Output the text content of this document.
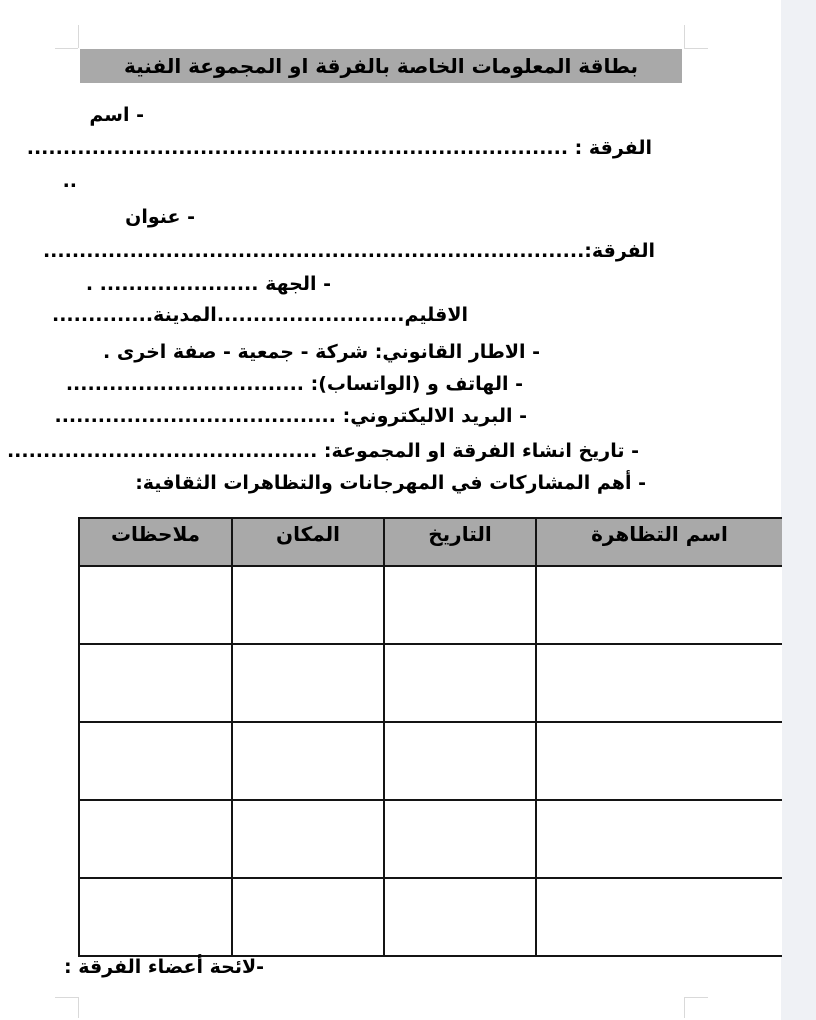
بطاقة المعلومات الخاصة بالفرقة او المجموعة الفنية
- اسم
الفرقة : ...........................................................................
..
- عنوان
الفرقة:...........................................................................
- الجهة ...................... .
الاقليم..........................المدينة..............
- الاطار القانوني: شركة - جمعية - صفة اخرى .
- الهاتف و (الواتساب): .................................
- البريد الاليكتروني: .......................................
- تاريخ انشاء الفرقة او المجموعة: ...........................................
- أهم المشاركات في المهرجانات والتظاهرات الثقافية:
اسم التظاهرة	التاريخ	المكان	ملاحظات

-لائحة أعضاء الفرقة :
